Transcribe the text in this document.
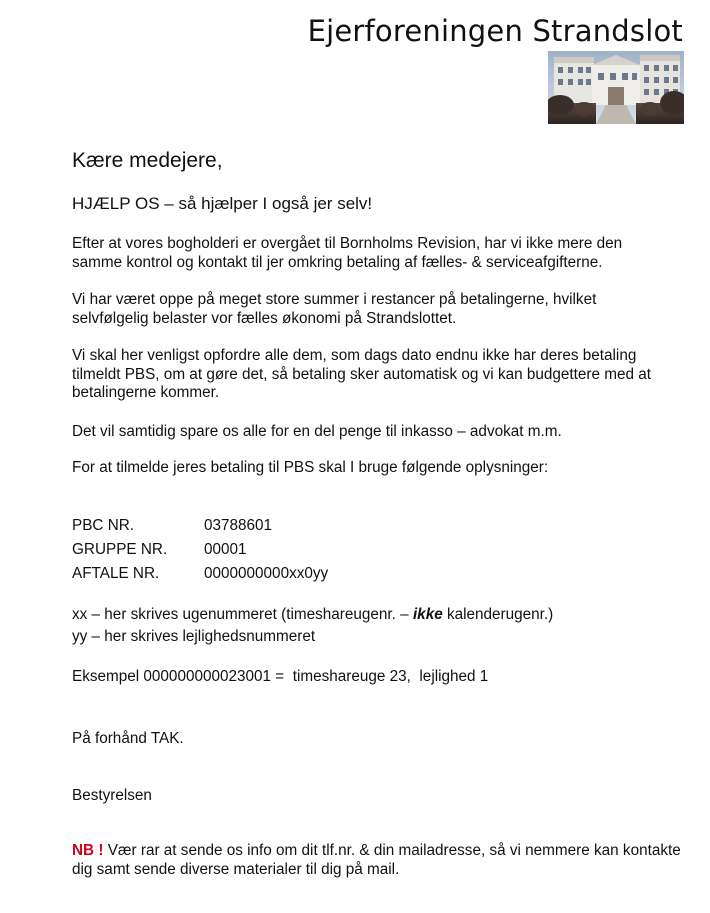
Ejerforeningen Strandslot
Kære medejere,
HJÆLP OS – så hjælper I også jer selv!

Efter at vores bogholderi er overgået til Bornholms Revision, har vi ikke mere den samme kontrol og kontakt til jer omkring betaling af fælles- & serviceafgifterne.

Vi har været oppe på meget store summer i restancer på betalingerne, hvilket selvfølgelig belaster vor fælles økonomi på Strandslottet.

Vi skal her venligst opfordre alle dem, som dags dato endnu ikke har deres betaling tilmeldt PBS, om at gøre det, så betaling sker automatisk og vi kan budgettere med at betalingerne kommer.

Det vil samtidig spare os alle for en del penge til inkasso – advokat m.m.

For at tilmelde jeres betaling til PBS skal I bruge følgende oplysninger:

PBC NR.	03788601
GRUPPE NR.	00001
AFTALE NR.	0000000000xx0yy
xx – her skrives ugenummeret (timeshareugenr. – ikke kalenderugenr.)
yy – her skrives lejlighedsnummeret
Eksempel 000000000023001 =  timeshareuge 23,  lejlighed 1
På forhånd TAK.
Bestyrelsen

NB ! Vær rar at sende os info om dit tlf.nr. & din mailadresse, så vi nemmere kan kontakte dig samt sende diverse materialer til dig på mail.
